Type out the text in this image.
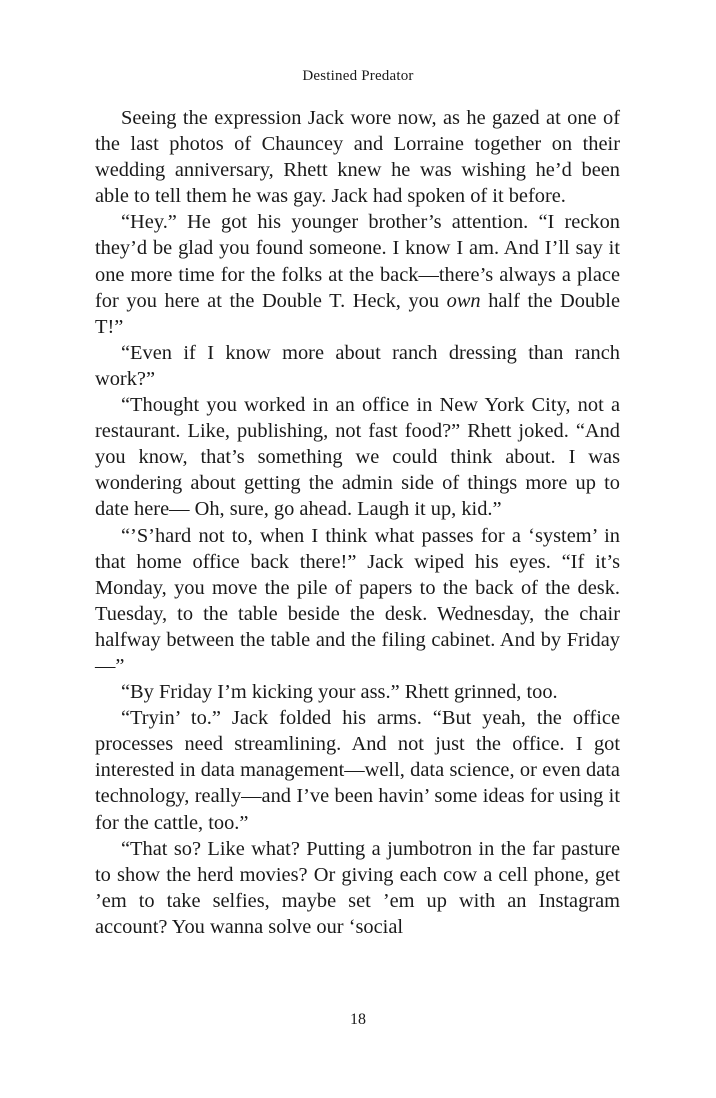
Destined Predator

Seeing the expression Jack wore now, as he gazed at one of the last photos of Chauncey and Lorraine together on their wedding anniversary, Rhett knew he was wishing he’d been able to tell them he was gay. Jack had spoken of it before.

“Hey.” He got his younger brother’s attention. “I reckon they’d be glad you found someone. I know I am. And I’ll say it one more time for the folks at the back—there’s always a place for you here at the Double T. Heck, you own half the Double T!”

“Even if I know more about ranch dressing than ranch work?”

“Thought you worked in an office in New York City, not a restaurant. Like, publishing, not fast food?” Rhett joked. “And you know, that’s something we could think about. I was wondering about getting the admin side of things more up to date here— Oh, sure, go ahead. Laugh it up, kid.”

“’S’hard not to, when I think what passes for a ‘system’ in that home office back there!” Jack wiped his eyes. “If it’s Monday, you move the pile of papers to the back of the desk. Tuesday, to the table beside the desk. Wednesday, the chair halfway between the table and the filing cabinet. And by Friday—”

“By Friday I’m kicking your ass.” Rhett grinned, too.

“Tryin’ to.” Jack folded his arms. “But yeah, the office processes need streamlining. And not just the office. I got interested in data management—well, data science, or even data technology, really—and I’ve been havin’ some ideas for using it for the cattle, too.”

“That so? Like what? Putting a jumbotron in the far pasture to show the herd movies? Or giving each cow a cell phone, get ’em to take selfies, maybe set ’em up with an Instagram account? You wanna solve our ‘social

18
